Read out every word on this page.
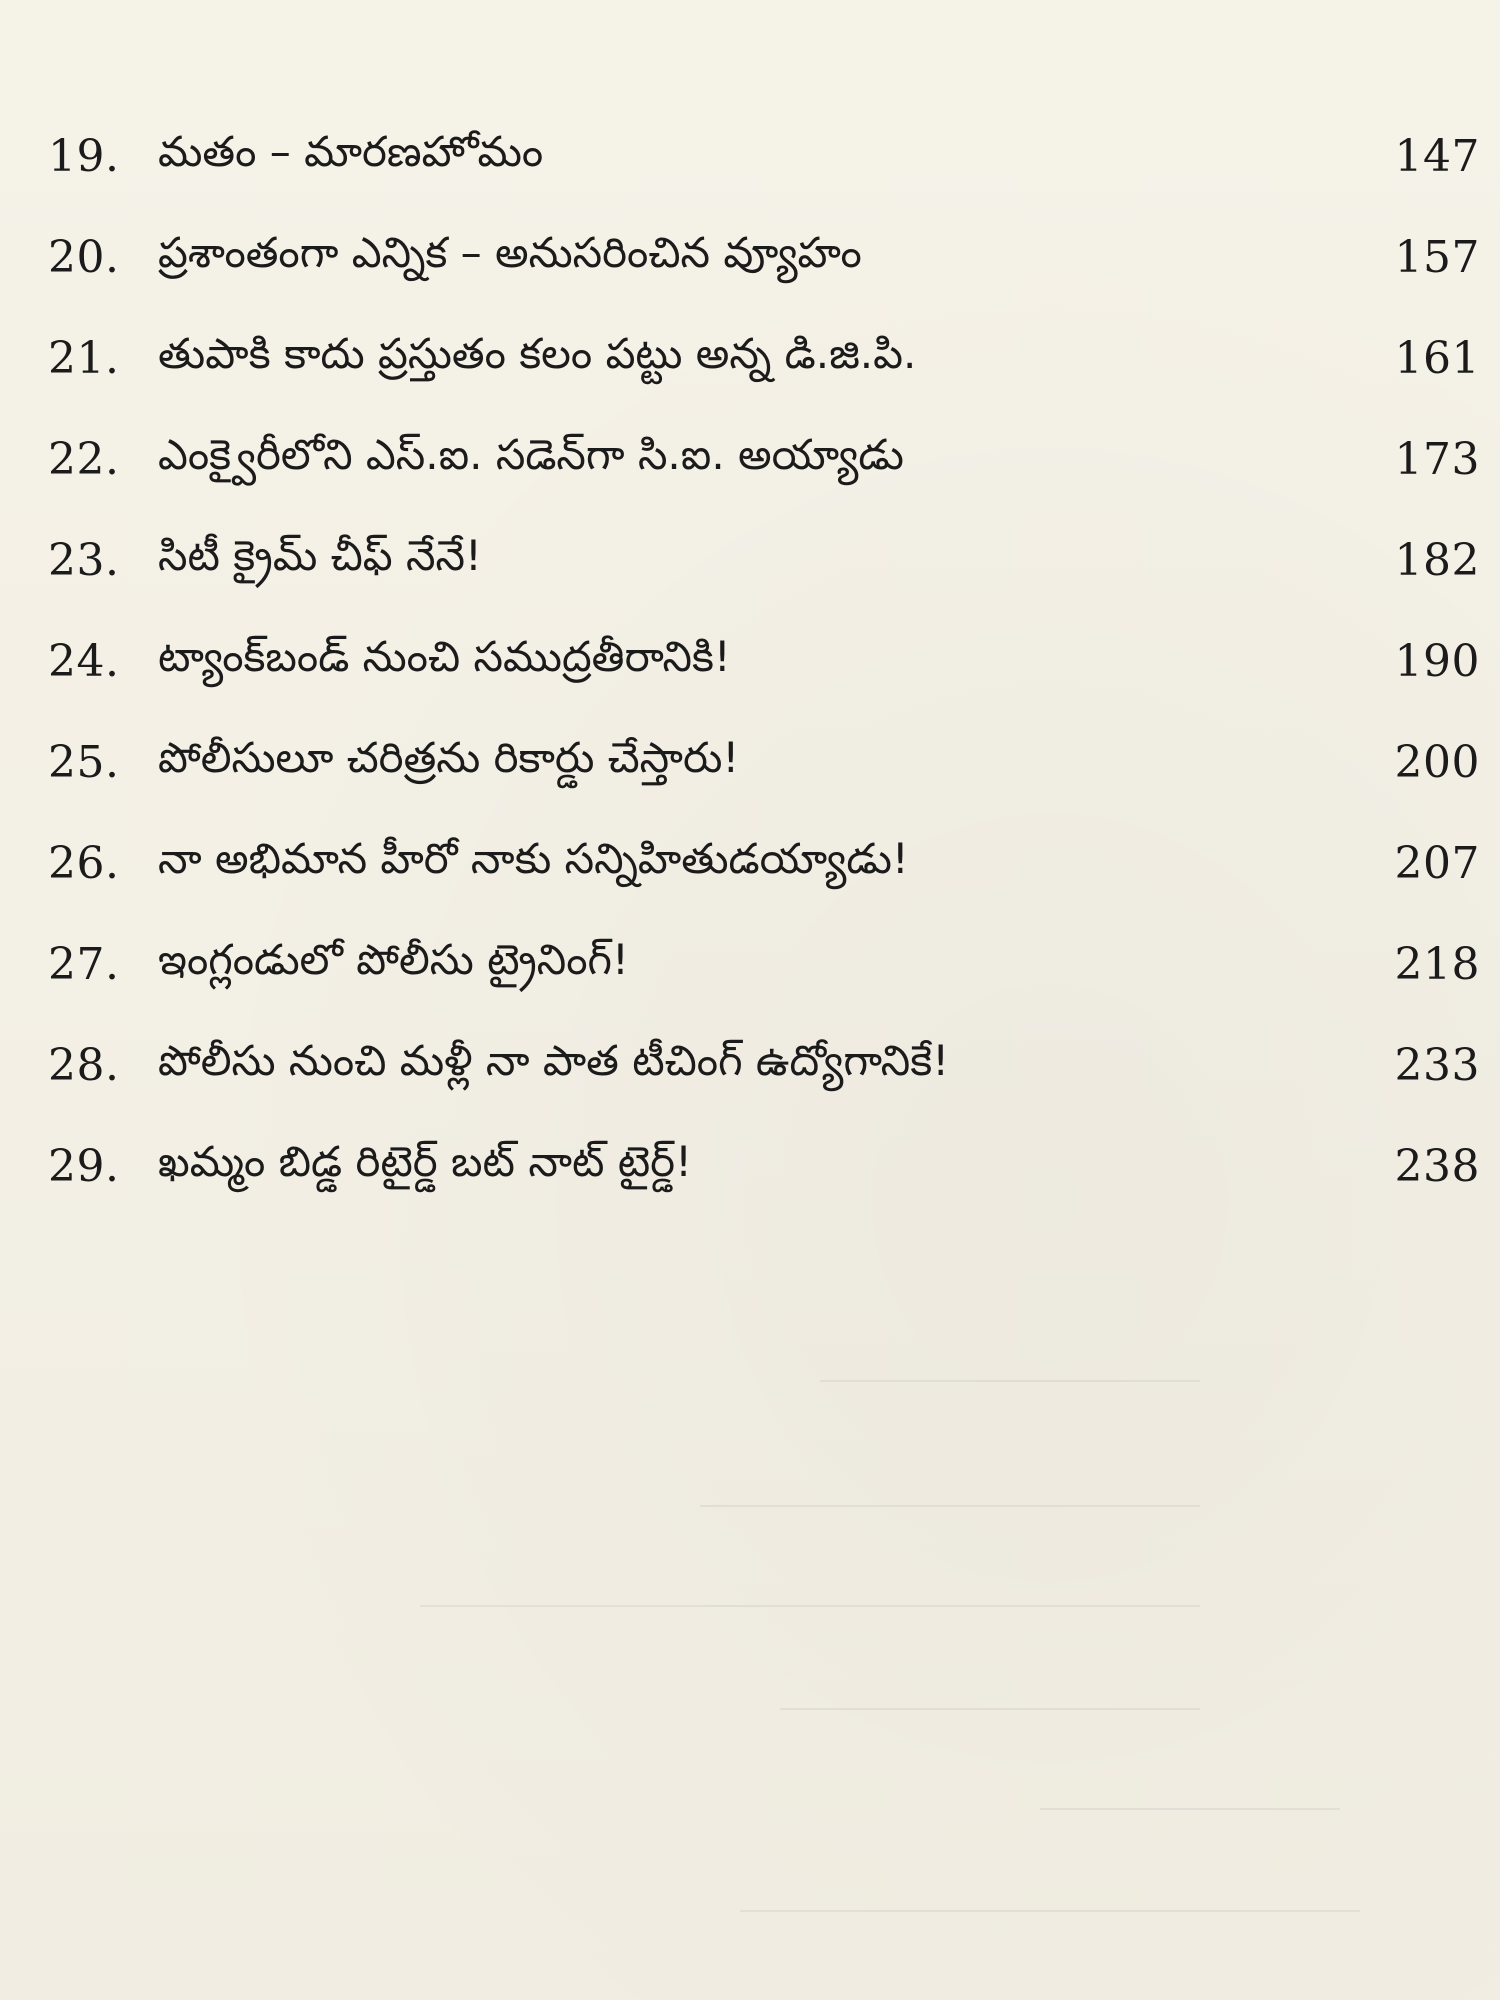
19. మతం – మారణహోమం	147
20. ప్రశాంతంగా ఎన్నిక – అనుసరించిన వ్యూహం	157
21. తుపాకి కాదు ప్రస్తుతం కలం పట్టు అన్న డి.జి.పి.	161
22. ఎంక్వైరీలోని ఎస్.ఐ. సడెన్‌గా సి.ఐ. అయ్యాడు	173
23. సిటీ క్రైమ్ చీఫ్ నేనే!	182
24. ట్యాంక్‌బండ్ నుంచి సముద్రతీరానికి!	190
25. పోలీసులూ చరిత్రను రికార్డు చేస్తారు!	200
26. నా అభిమాన హీరో నాకు సన్నిహితుడయ్యాడు!	207
27. ఇంగ్లండులో పోలీసు ట్రైనింగ్!	218
28. పోలీసు నుంచి మళ్లీ నా పాత టీచింగ్ ఉద్యోగానికే!	233
29. ఖమ్మం బిడ్డ రిటైర్డ్ బట్ నాట్ టైర్డ్!	238
